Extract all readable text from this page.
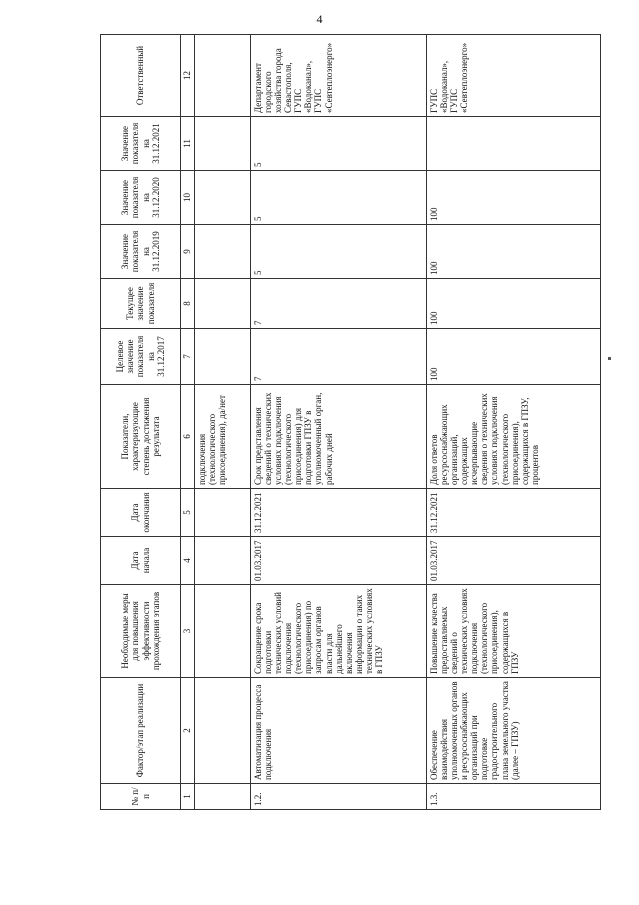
4
№ п/п	Фактор/этап реализации	Необходимые меры для повышения эффективности прохождения этапов	Дата начала	Дата окончания	Показатели, характеризующие степень достижения результата	Целевое значение показателя на 31.12.2017	Текущее значение показателя	Значение показателя на 31.12.2019	Значение показателя на 31.12.2020	Значение показателя на 31.12.2021	Ответственный
1	2	3	4	5	6	7	8	9	10	11	12
					подключения (технологического присоединения), да/нет						
1.2.	Автоматизация процесса подключения	Сокращение срока подготовки технических условий подключения (технологического присоединения) по запросам органов власти для дальнейшего включения информации о таких технических условиях в ГПЗУ	01.03.2017	31.12.2021	Срок представления сведений о технических условиях подключения (технологического присоединения) для подготовки ГПЗУ в уполномоченный орган, рабочих дней	7	7	5	5	5	Департамент городского хозяйства города Севастополя, ГУПС «Водоканал», ГУПС «Севтеплоэнерго»
1.3.	Обеспечение взаимодействия уполномоченных органов и ресурсоснабжающих организаций при подготовке градостроительного плана земельного участка (далее – ГПЗУ)	Повышение качества предоставляемых сведений о технических условиях подключения (технологического присоединения), содержащихся в ГПЗУ	01.03.2017	31.12.2021	Доля ответов ресурсоснабжающих организаций, содержащих исчерпывающие сведения о технических условиях подключения (технологического присоединения), содержащихся в ГПЗУ, процентов	100	100	100	100		ГУПС «Водоканал», ГУПС «Севтеплоэнерго»
